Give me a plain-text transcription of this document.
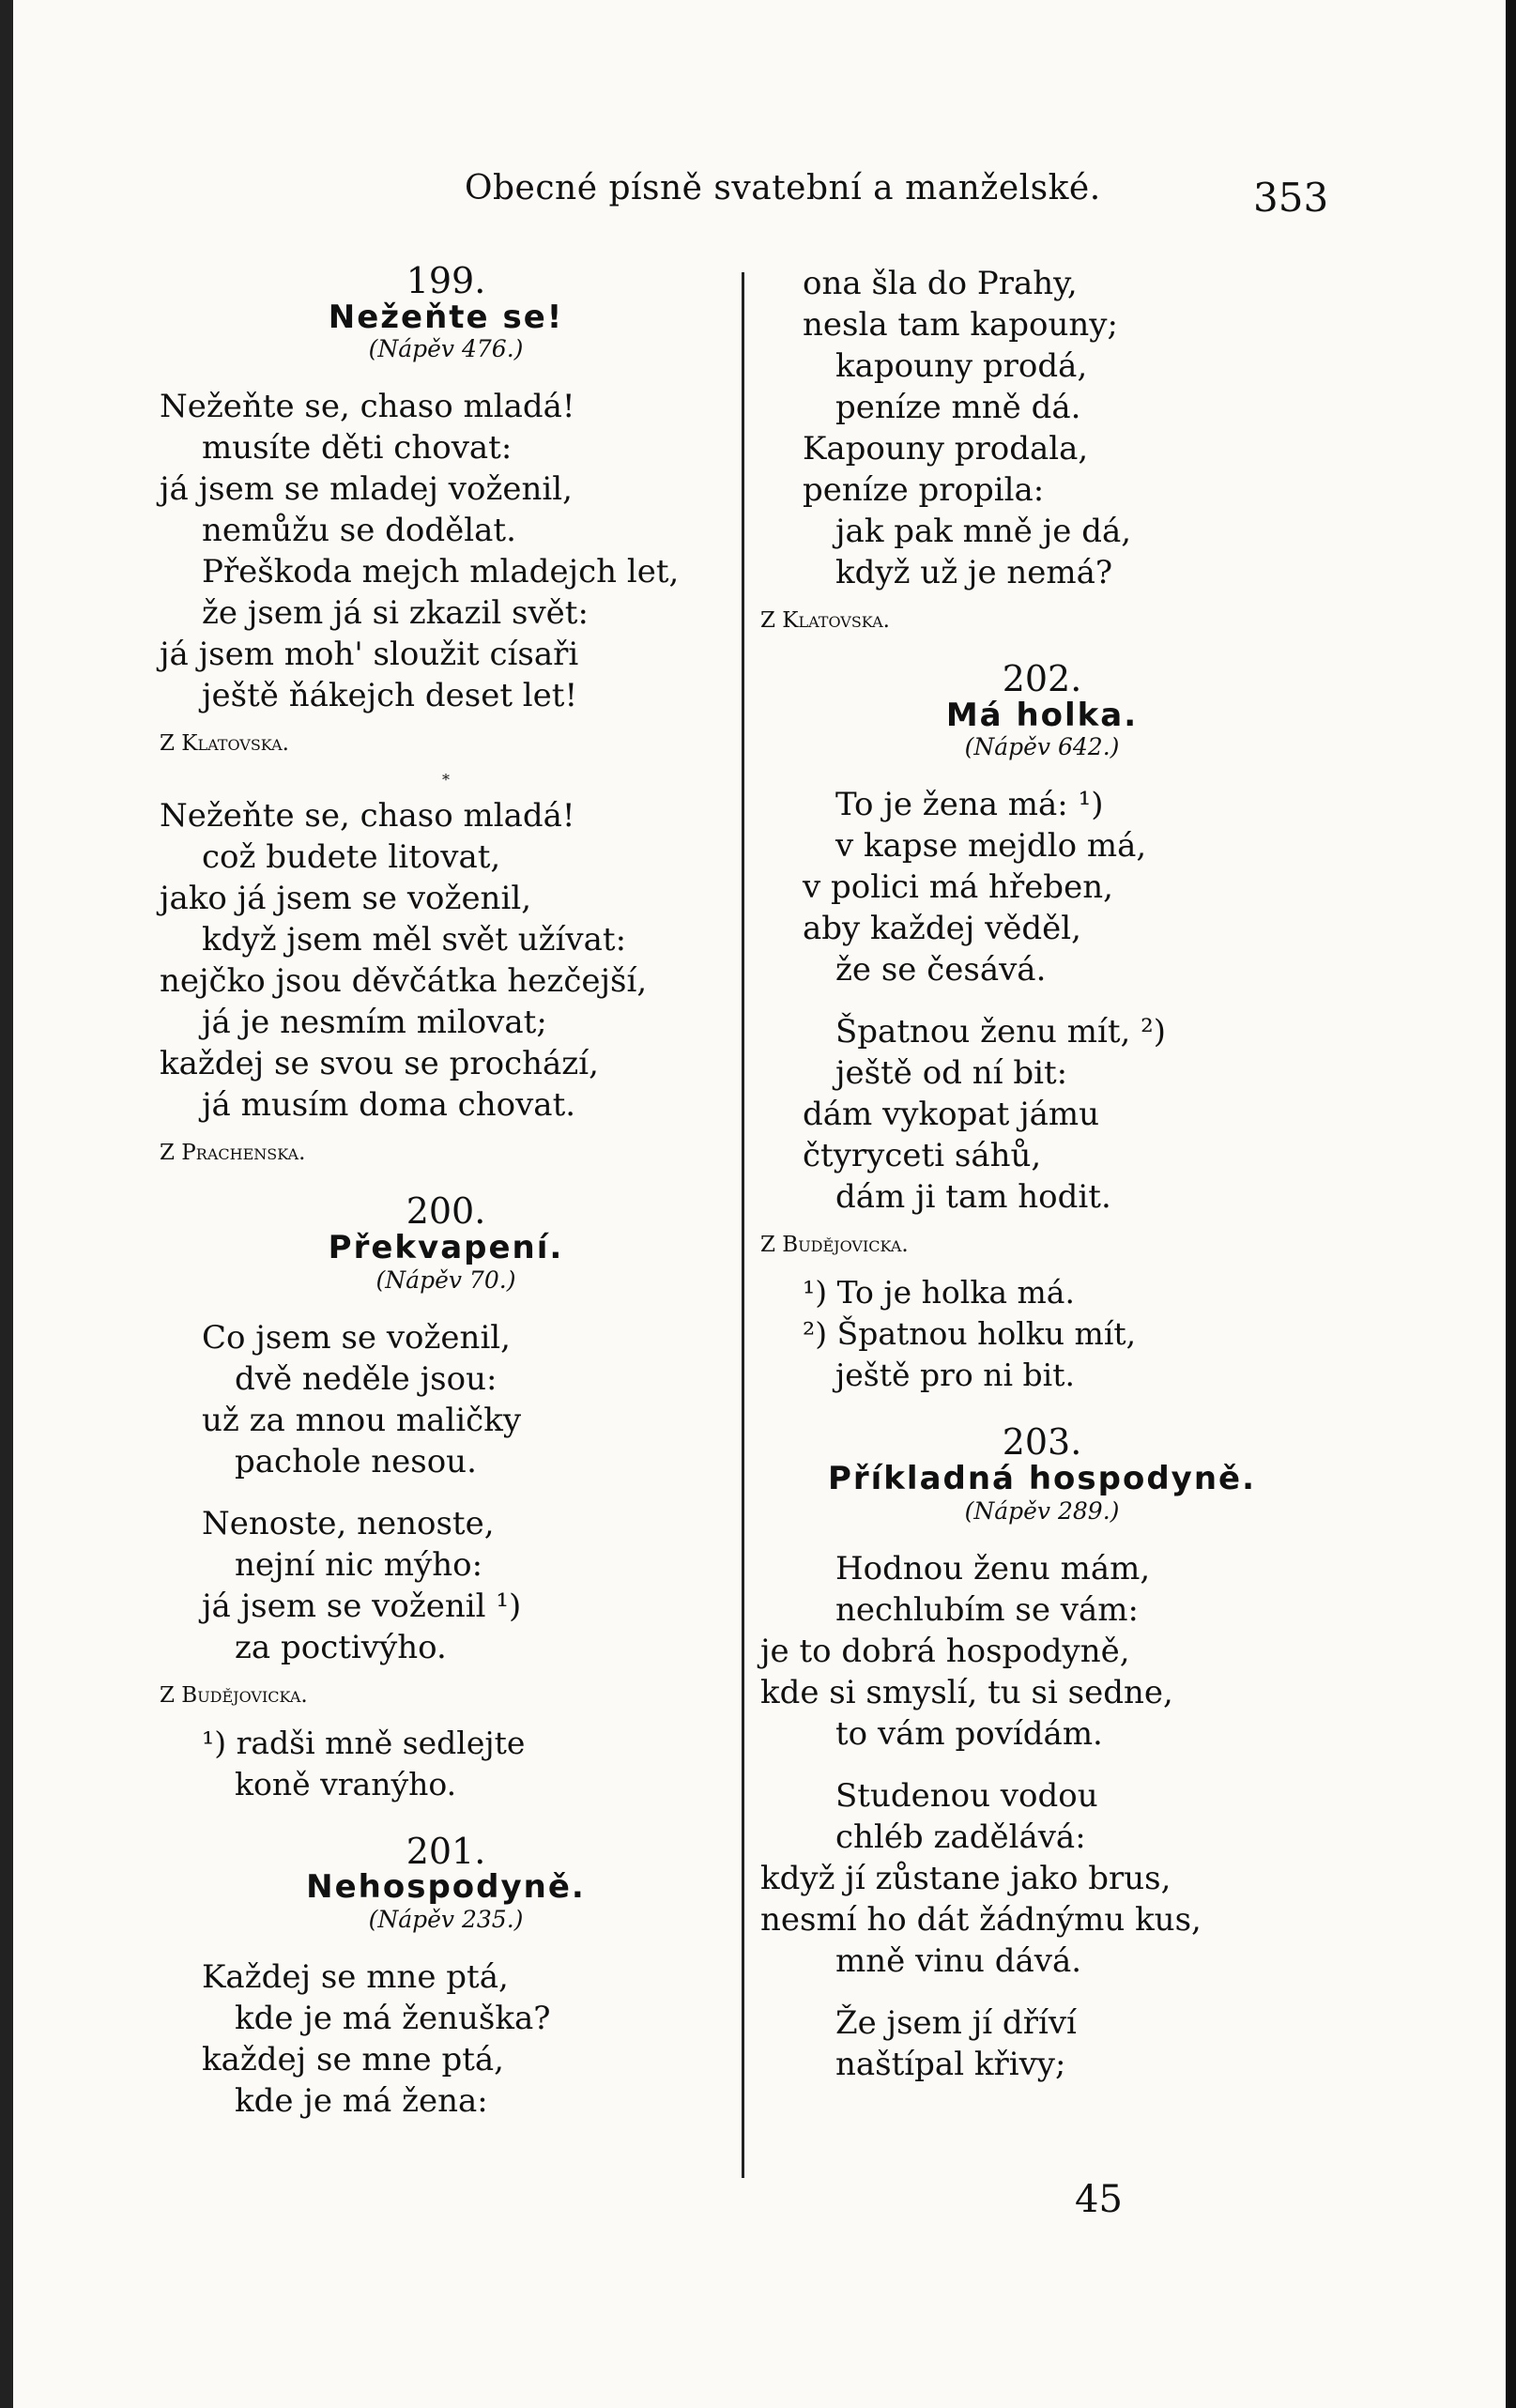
Obecné písně svatební a manželské.	353
199.
Nežeňte se!
(Nápěv 476.)
Nežeňte se, chaso mladá!
musíte děti chovat:
já jsem se mladej voženil,
nemůžu se dodělat.
Přeškoda mejch mladejch let,
že jsem já si zkazil svět:
já jsem moh' sloužit císaři
ještě ňákejch deset let!
Z Klatovska.
*
Nežeňte se, chaso mladá!
což budete litovat,
jako já jsem se voženil,
když jsem měl svět užívat:
nejčko jsou děvčátka hezčejší,
já je nesmím milovat;
každej se svou se prochází,
já musím doma chovat.
Z Prachenska.
200.
Překvapení.
(Nápěv 70.)
Co jsem se voženil,
dvě neděle jsou:
už za mnou maličky
pachole nesou.
Nenoste, nenoste,
nejní nic mýho:
já jsem se voženil ¹)
za poctivýho.
Z Budějovicka.
¹) radši mně sedlejte
koně vranýho.
201.
Nehospodyně.
(Nápěv 235.)
Každej se mne ptá,
kde je má ženuška?
každej se mne ptá,
kde je má žena:
ona šla do Prahy,
nesla tam kapouny;
kapouny prodá,
peníze mně dá.
Kapouny prodala,
peníze propila:
jak pak mně je dá,
když už je nemá?
Z Klatovska.
202.
Má holka.
(Nápěv 642.)
To je žena má: ¹)
v kapse mejdlo má,
v polici má hřeben,
aby každej věděl,
že se česává.
Špatnou ženu mít, ²)
ještě od ní bit:
dám vykopat jámu
čtyryceti sáhů,
dám ji tam hodit.
Z Budějovicka.
¹) To je holka má.
²) Špatnou holku mít,
ještě pro ni bit.
203.
Příkladná hospodyně.
(Nápěv 289.)
Hodnou ženu mám,
nechlubím se vám:
je to dobrá hospodyně,
kde si smyslí, tu si sedne,
to vám povídám.
Studenou vodou
chléb zadělává:
když jí zůstane jako brus,
nesmí ho dát žádnýmu kus,
mně vinu dává.
Že jsem jí dříví
naštípal křivy;
45
